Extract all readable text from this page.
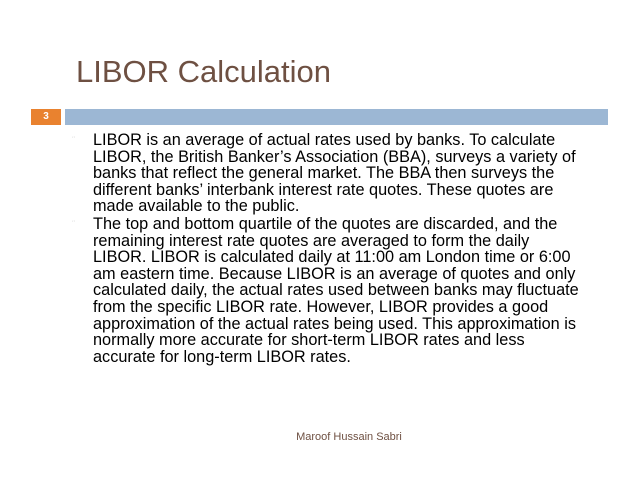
LIBOR Calculation
3
´´ LIBOR is an average of actual rates used by banks. To calculate LIBOR, the British Banker’s Association (BBA), surveys a variety of banks that reflect the general market. The BBA then surveys the different banks’ interbank interest rate quotes. These quotes are made available to the public.
´´ The top and bottom quartile of the quotes are discarded, and the remaining interest rate quotes are averaged to form the daily LIBOR. LIBOR is calculated daily at 11:00 am London time or 6:00 am eastern time. Because LIBOR is an average of quotes and only calculated daily, the actual rates used between banks may fluctuate from the specific LIBOR rate. However, LIBOR provides a good approximation of the actual rates being used. This approximation is normally more accurate for short-term LIBOR rates and less accurate for long-term LIBOR rates.
Maroof Hussain Sabri
